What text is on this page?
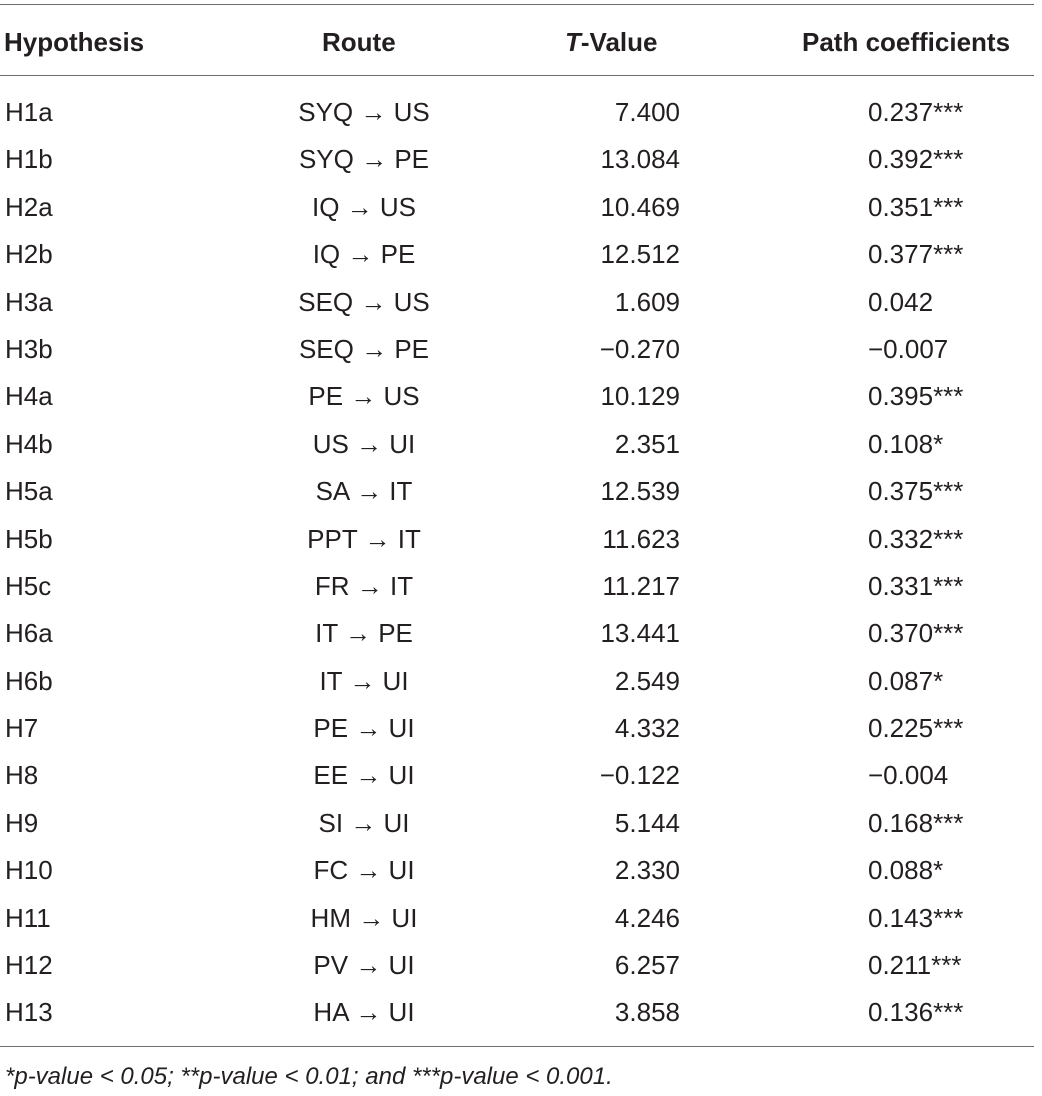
Hypothesis	Route	T-Value	Path coefficients
H1a	SYQ → US	7.400	0.237***
H1b	SYQ → PE	13.084	0.392***
H2a	IQ → US	10.469	0.351***
H2b	IQ → PE	12.512	0.377***
H3a	SEQ → US	1.609	0.042
H3b	SEQ → PE	−0.270	−0.007
H4a	PE → US	10.129	0.395***
H4b	US → UI	2.351	0.108*
H5a	SA → IT	12.539	0.375***
H5b	PPT → IT	11.623	0.332***
H5c	FR → IT	11.217	0.331***
H6a	IT → PE	13.441	0.370***
H6b	IT → UI	2.549	0.087*
H7	PE → UI	4.332	0.225***
H8	EE → UI	−0.122	−0.004
H9	SI → UI	5.144	0.168***
H10	FC → UI	2.330	0.088*
H11	HM → UI	4.246	0.143***
H12	PV → UI	6.257	0.211***
H13	HA → UI	3.858	0.136***
*p-value < 0.05; **p-value < 0.01; and ***p-value < 0.001.
